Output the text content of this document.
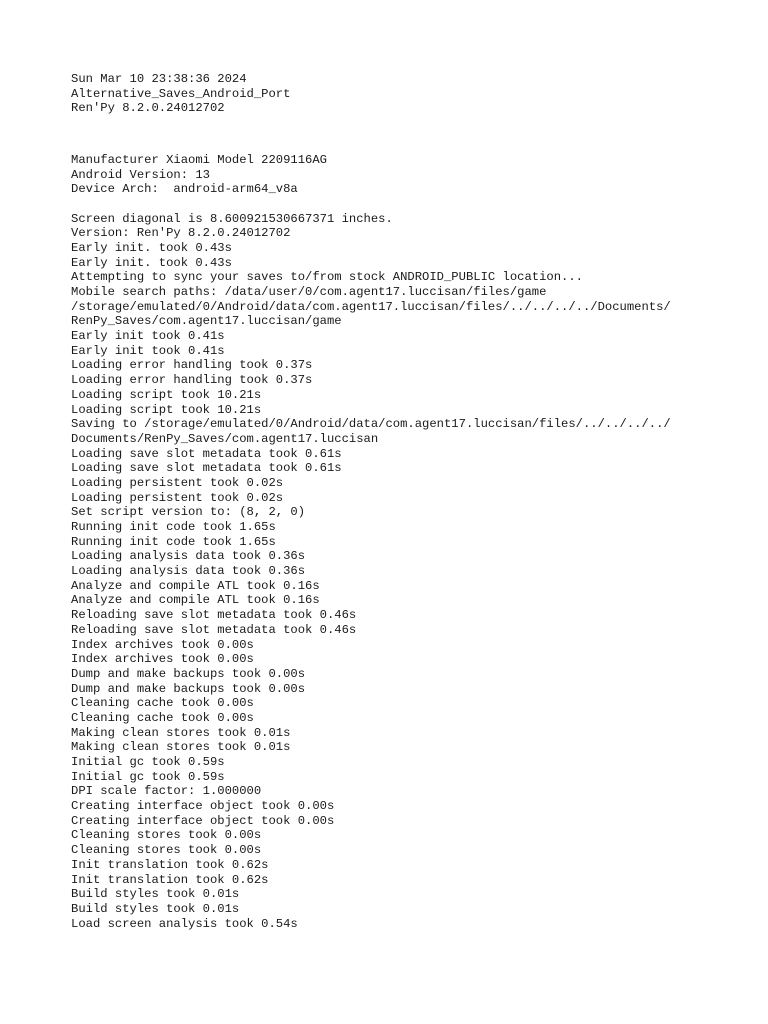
Sun Mar 10 23:38:36 2024
Alternative_Saves_Android_Port
Ren'Py 8.2.0.24012702
Manufacturer Xiaomi Model 2209116AG
Android Version: 13
Device Arch:  android-arm64_v8a
Screen diagonal is 8.600921530667371 inches.
Version: Ren'Py 8.2.0.24012702
Early init. took 0.43s
Early init. took 0.43s
Attempting to sync your saves to/from stock ANDROID_PUBLIC location...
Mobile search paths: /data/user/0/com.agent17.luccisan/files/game
/storage/emulated/0/Android/data/com.agent17.luccisan/files/../../../../Documents/
RenPy_Saves/com.agent17.luccisan/game
Early init took 0.41s
Early init took 0.41s
Loading error handling took 0.37s
Loading error handling took 0.37s
Loading script took 10.21s
Loading script took 10.21s
Saving to /storage/emulated/0/Android/data/com.agent17.luccisan/files/../../../../
Documents/RenPy_Saves/com.agent17.luccisan
Loading save slot metadata took 0.61s
Loading save slot metadata took 0.61s
Loading persistent took 0.02s
Loading persistent took 0.02s
Set script version to: (8, 2, 0)
Running init code took 1.65s
Running init code took 1.65s
Loading analysis data took 0.36s
Loading analysis data took 0.36s
Analyze and compile ATL took 0.16s
Analyze and compile ATL took 0.16s
Reloading save slot metadata took 0.46s
Reloading save slot metadata took 0.46s
Index archives took 0.00s
Index archives took 0.00s
Dump and make backups took 0.00s
Dump and make backups took 0.00s
Cleaning cache took 0.00s
Cleaning cache took 0.00s
Making clean stores took 0.01s
Making clean stores took 0.01s
Initial gc took 0.59s
Initial gc took 0.59s
DPI scale factor: 1.000000
Creating interface object took 0.00s
Creating interface object took 0.00s
Cleaning stores took 0.00s
Cleaning stores took 0.00s
Init translation took 0.62s
Init translation took 0.62s
Build styles took 0.01s
Build styles took 0.01s
Load screen analysis took 0.54s
